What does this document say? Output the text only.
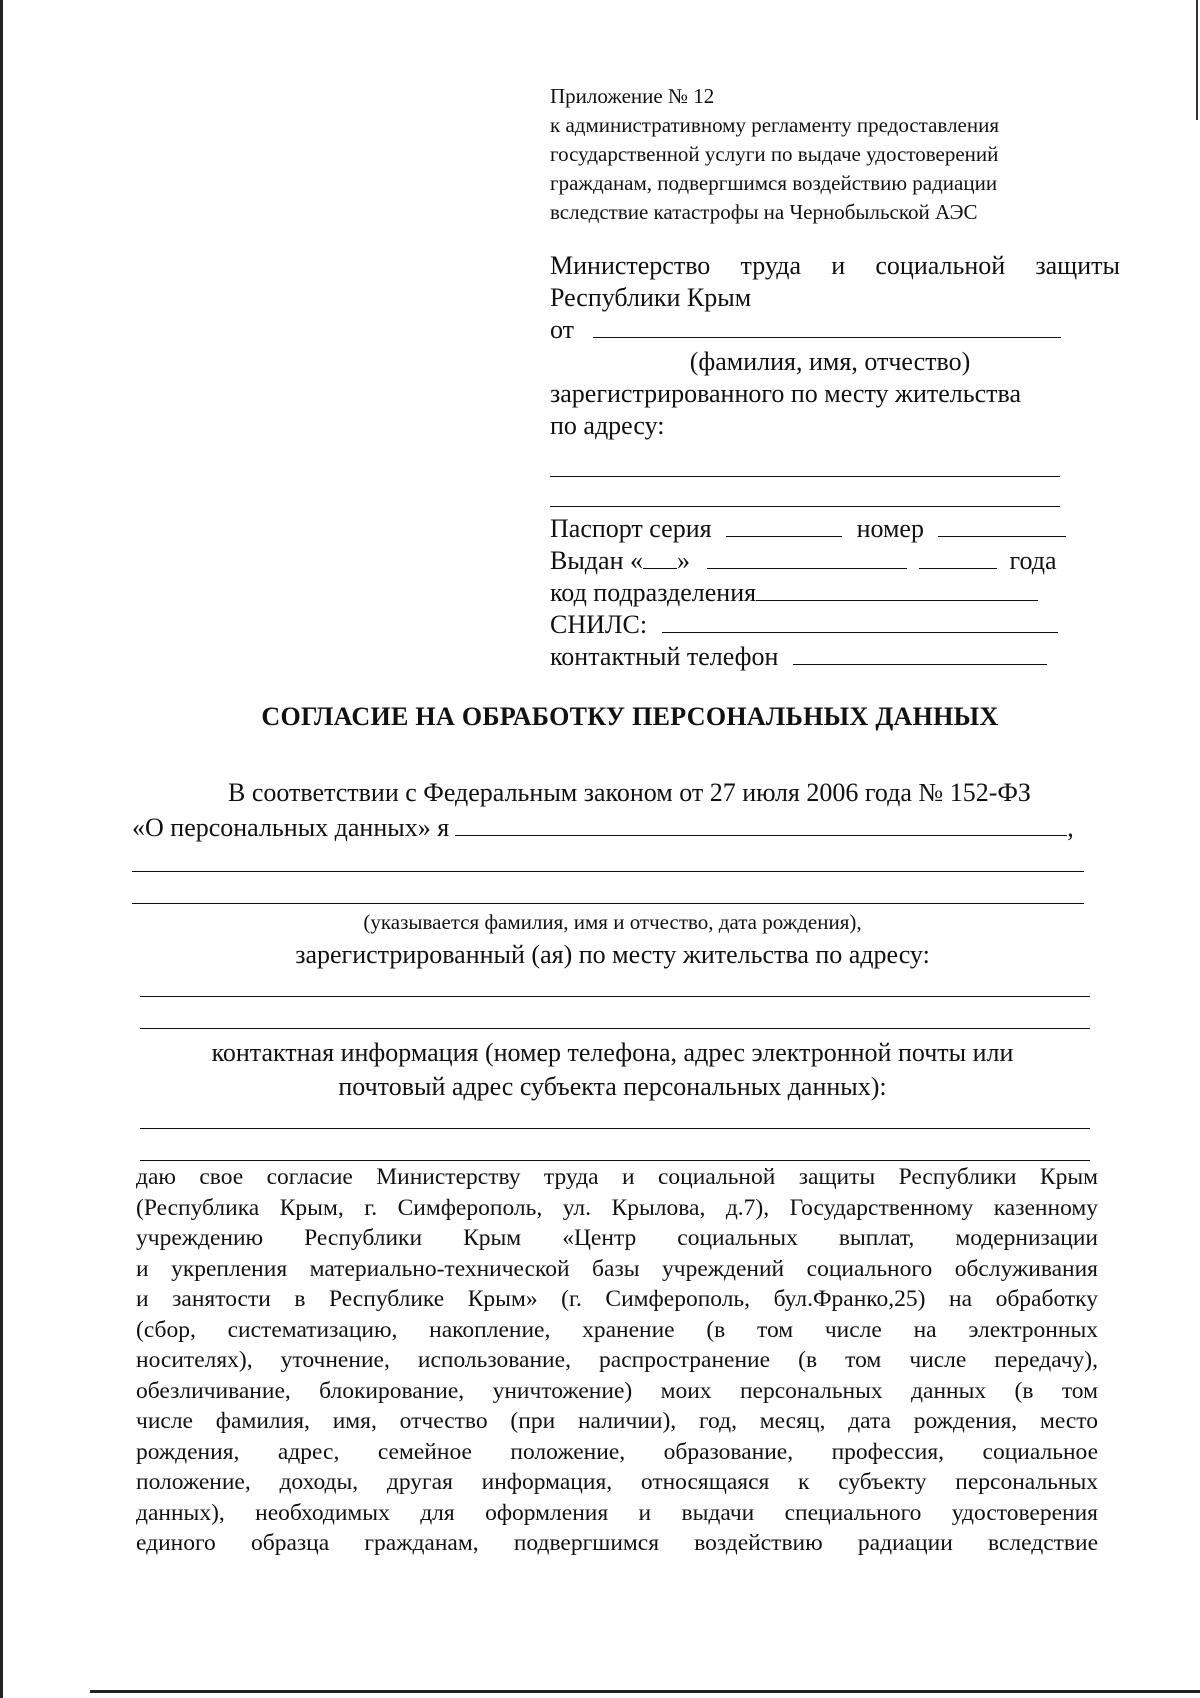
Приложение № 12
к административному регламенту предоставления
государственной услуги по выдаче удостоверений
гражданам, подвергшимся воздействию радиации
вследствие катастрофы на Чернобыльской АЭС
Министерство труда и социальной защиты
Республики Крым
от
(фамилия, имя, отчество)
зарегистрированного по месту жительства
по адресу:
Паспорт серия	номер
Выдан « »	года
код подразделения
СНИЛС:
контактный телефон
СОГЛАСИЕ НА ОБРАБОТКУ ПЕРСОНАЛЬНЫХ ДАННЫХ
В соответствии с Федеральным законом от 27 июля 2006 года № 152-ФЗ
«О персональных данных» я	,
(указывается фамилия, имя и отчество, дата рождения),
зарегистрированный (ая) по месту жительства по адресу:
контактная информация (номер телефона, адрес электронной почты или
почтовый адрес субъекта персональных данных):
даю свое согласие Министерству труда и социальной защиты Республики Крым
(Республика Крым, г. Симферополь, ул. Крылова, д.7), Государственному казенному
учреждению Республики Крым «Центр социальных выплат, модернизации
и укрепления материально-технической базы учреждений социального обслуживания
и занятости в Республике Крым» (г. Симферополь, бул.Франко,25) на обработку
(сбор, систематизацию, накопление, хранение (в том числе на электронных
носителях), уточнение, использование, распространение (в том числе передачу),
обезличивание, блокирование, уничтожение) моих персональных данных (в том
числе фамилия, имя, отчество (при наличии), год, месяц, дата рождения, место
рождения, адрес, семейное положение, образование, профессия, социальное
положение, доходы, другая информация, относящаяся к субъекту персональных
данных), необходимых для оформления и выдачи специального удостоверения
единого образца гражданам, подвергшимся воздействию радиации вследствие
